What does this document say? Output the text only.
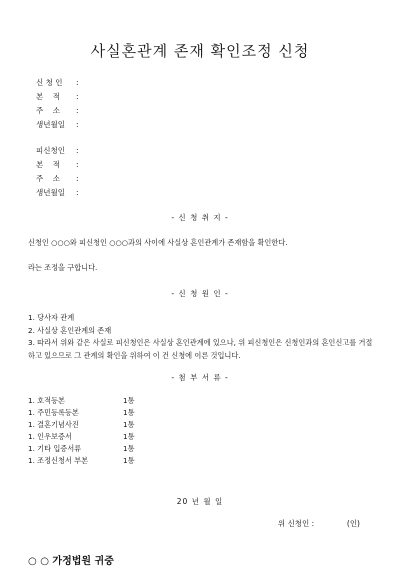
사실혼관계 존재 확인조정 신청
신 청 인	:
본    적	:
주    소	:
생년월일	:
피신청인	:
본    적	:
주    소	:
생년월일	:
- 신 청 취 지 -
신청인 ○○○와 피신청인 ○○○과의 사이에 사실상 혼인관계가 존재함을 확인한다.
라는 조정을 구합니다.
- 신 청 원 인 -
1. 당사자 관계
2. 사실상 혼인관계의 존재
3. 따라서 위와 같은 사실로 피신청인은 사실상 혼인관계에 있으나, 위 피신청인은 신청인과의 혼인신고를 거절하고 있으므로 그 관계의 확인을 위하여 이 건 신청에 이른 것입니다.
- 첨 부 서 류 -
1. 호적등본	1통
1. 주민등록등본	1통
1. 결혼기념사진	1통
1. 인우보증서	1통
1. 기타 입증서류	1통
1. 조정신청서 부본	1통
20 년 월 일
위 신청인 :	(인)
○ ○ 가정법원 귀중
